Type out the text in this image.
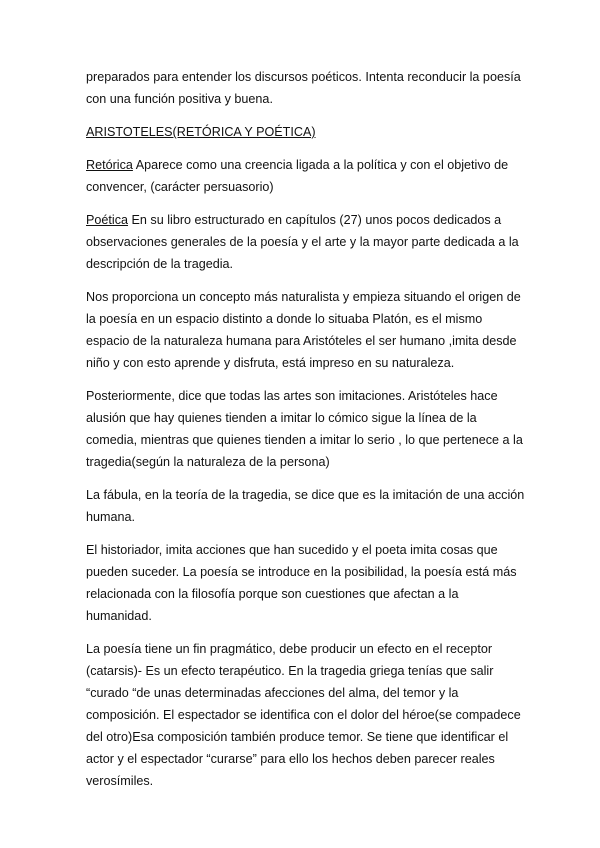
preparados para entender los discursos poéticos. Intenta reconducir la poesía con una función positiva y buena.

ARISTOTELES(RETÓRICA Y POÉTICA)

Retórica Aparece como una creencia ligada a la política y con el objetivo de convencer, (carácter persuasorio)

Poética En su libro estructurado en capítulos (27) unos pocos dedicados a observaciones generales de la poesía y el arte y la mayor parte dedicada a la descripción de la tragedia.

Nos proporciona un concepto más naturalista y empieza situando el origen de la poesía en un espacio distinto a donde lo situaba Platón, es el mismo espacio de la naturaleza humana para Aristóteles el ser humano ,imita desde niño y con esto aprende y disfruta, está impreso en su naturaleza.

Posteriormente, dice que todas las artes son imitaciones. Aristóteles hace alusión que hay quienes tienden a imitar lo cómico sigue la línea de la comedia, mientras que quienes tienden a imitar lo serio , lo que pertenece a la tragedia(según la naturaleza de la persona)

La fábula, en la teoría de la tragedia, se dice que es la imitación de una acción humana.

El historiador, imita acciones que han sucedido y el poeta imita cosas que pueden suceder. La poesía se introduce en la posibilidad, la poesía está más relacionada con la filosofía porque son cuestiones que afectan a la humanidad.

La poesía tiene un fin pragmático, debe producir un efecto en el receptor (catarsis)- Es un efecto terapéutico. En la tragedia griega tenías que salir “curado “de unas determinadas afecciones del alma, del temor y la composición. El espectador se identifica con el dolor del héroe(se compadece del otro)Esa composición también produce temor. Se tiene que identificar el actor y el espectador “curarse” para ello los hechos deben parecer reales verosímiles.
